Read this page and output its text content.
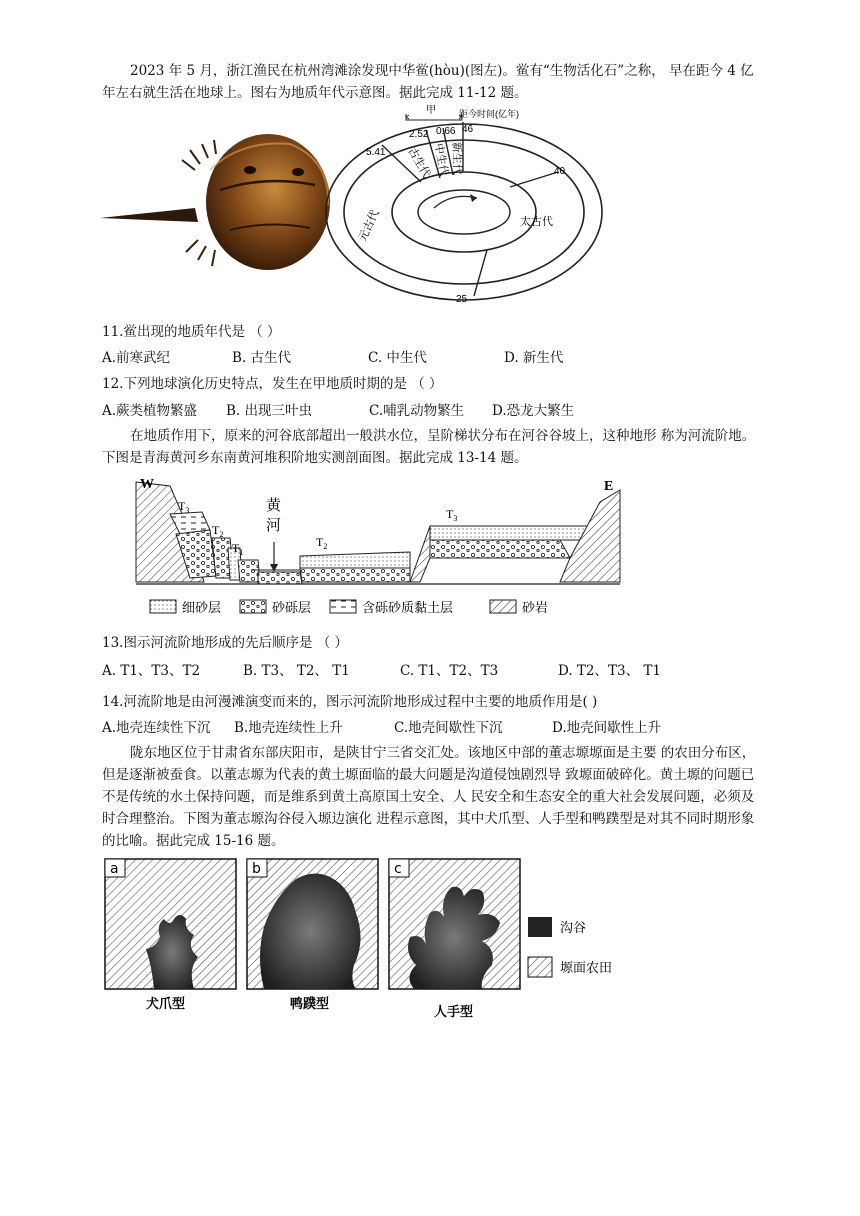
2023 年 5 月，浙江渔民在杭州湾滩涂发现中华鲎(hòu)(图左)。鲎有“生物活化石”之称， 早在距今 4 亿年左右就生活在地球上。图右为地质年代示意图。据此完成 11-12 题。

甲	距今时间(亿年)
5.41
2.52 0.66 46
40
25
古生代 中生代 新生代
太古代
元古代
11.鲎出现的地质年代是 （ ）
A.前寒武纪	B. 古生代	C. 中生代	D. 新生代
12.下列地球演化历史特点，发生在甲地质时期的是 （ ）
A.蕨类植物繁盛 B. 出现三叶虫	C.哺乳动物繁生 D.恐龙大繁生

在地质作用下，原来的河谷底部超出一般洪水位，呈阶梯状分布在河谷谷坡上，这种地形 称为河流阶地。下图是青海黄河乡东南黄河堆积阶地实测剖面图。据此完成 13-14 题。

W	E
黄
河
$T_3$
$T_2$
$T_1$
$T_2$
$T_3$
细砂层	砂砾层	含砾砂质黏土层	砂岩
13.图示河流阶地形成的先后顺序是 （ ）
A. T1、T3、T2	B. T3、 T2、 T1	C. T1、T2、T3	D. T2、T3、 T1
14.河流阶地是由河漫滩演变而来的，图示河流阶地形成过程中主要的地质作用是( )
A.地壳连续性下沉 B.地壳连续性上升	C.地壳间歇性下沉	D.地壳间歇性上升

陇东地区位于甘肃省东部庆阳市，是陕甘宁三省交汇处。该地区中部的董志塬塬面是主要 的农田分布区，但是逐渐被蚕食。以董志塬为代表的黄土塬面临的最大问题是沟道侵蚀剧烈导 致塬面破碎化。黄土塬的问题已不是传统的水土保持问题，而是维系到黄土高原国土安全、人 民安全和生态安全的重大社会发展问题，必须及时合理整治。下图为董志塬沟谷侵入塬边演化 进程示意图，其中犬爪型、人手型和鸭蹼型是对其不同时期形象的比喻。据此完成 15-16 题。

a	b	c
犬爪型	鸭蹼型
人手型
沟谷
塬面农田
